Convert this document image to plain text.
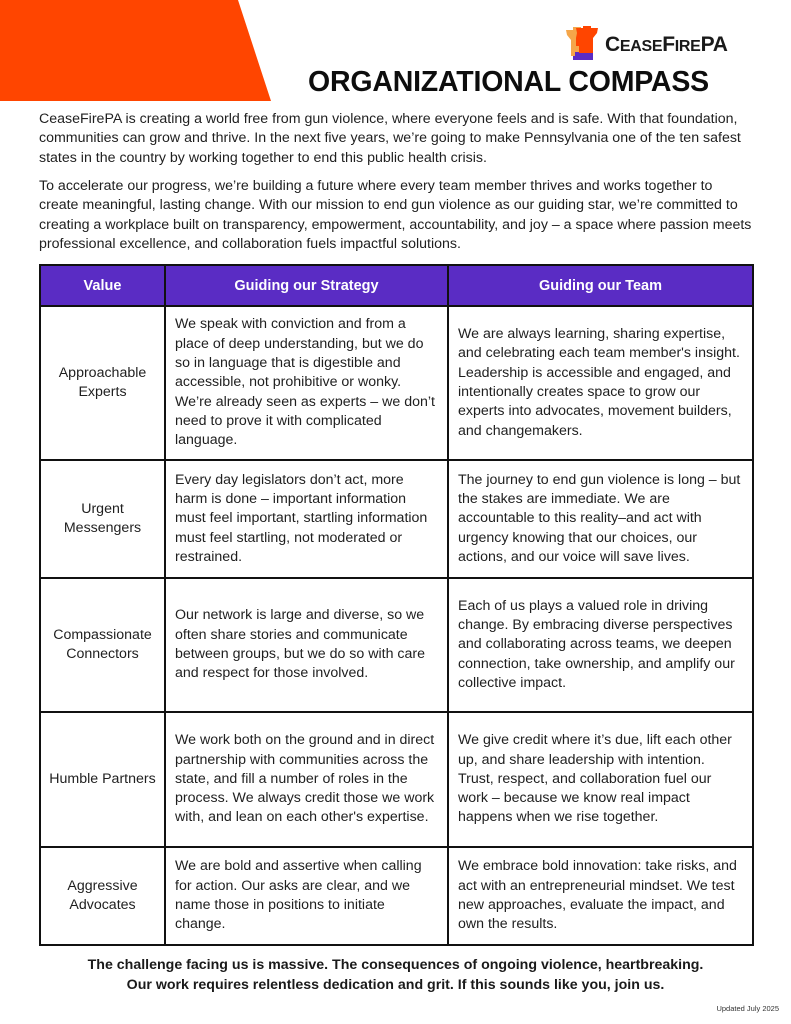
CEASEFIREPA
ORGANIZATIONAL COMPASS

CeaseFirePA is creating a world free from gun violence, where everyone feels and is safe. With that foundation, communities can grow and thrive. In the next five years, we’re going to make Pennsylvania one of the ten safest states in the country by working together to end this public health crisis.

To accelerate our progress, we’re building a future where every team member thrives and works together to create meaningful, lasting change. With our mission to end gun violence as our guiding star, we’re committed to creating a workplace built on transparency, empowerment, accountability, and joy – a space where passion meets professional excellence, and collaboration fuels impactful solutions.

Value	Guiding our Strategy	Guiding our Team
Approachable Experts	We speak with conviction and from a place of deep understanding, but we do so in language that is digestible and accessible, not prohibitive or wonky. We’re already seen as experts – we don’t need to prove it with complicated language.	We are always learning, sharing expertise, and celebrating each team member's insight. Leadership is accessible and engaged, and intentionally creates space to grow our experts into advocates, movement builders, and changemakers.
Urgent Messengers	Every day legislators don’t act, more harm is done – important information must feel important, startling information must feel startling, not moderated or restrained.	The journey to end gun violence is long – but the stakes are immediate. We are accountable to this reality–and act with urgency knowing that our choices, our actions, and our voice will save lives.
Compassionate Connectors	Our network is large and diverse, so we often share stories and communicate between groups, but we do so with care and respect for those involved.	Each of us plays a valued role in driving change. By embracing diverse perspectives and collaborating across teams, we deepen connection, take ownership, and amplify our collective impact.
Humble Partners	We work both on the ground and in direct partnership with communities across the state, and fill a number of roles in the process. We always credit those we work with, and lean on each other's expertise.	We give credit where it’s due, lift each other up, and share leadership with intention. Trust, respect, and collaboration fuel our work – because we know real impact happens when we rise together.
Aggressive Advocates	We are bold and assertive when calling for action. Our asks are clear, and we name those in positions to initiate change.	We embrace bold innovation: take risks, and act with an entrepreneurial mindset. We test new approaches, evaluate the impact, and own the results.

The challenge facing us is massive. The consequences of ongoing violence, heartbreaking.

Our work requires relentless dedication and grit. If this sounds like you, join us.

Updated July 2025
